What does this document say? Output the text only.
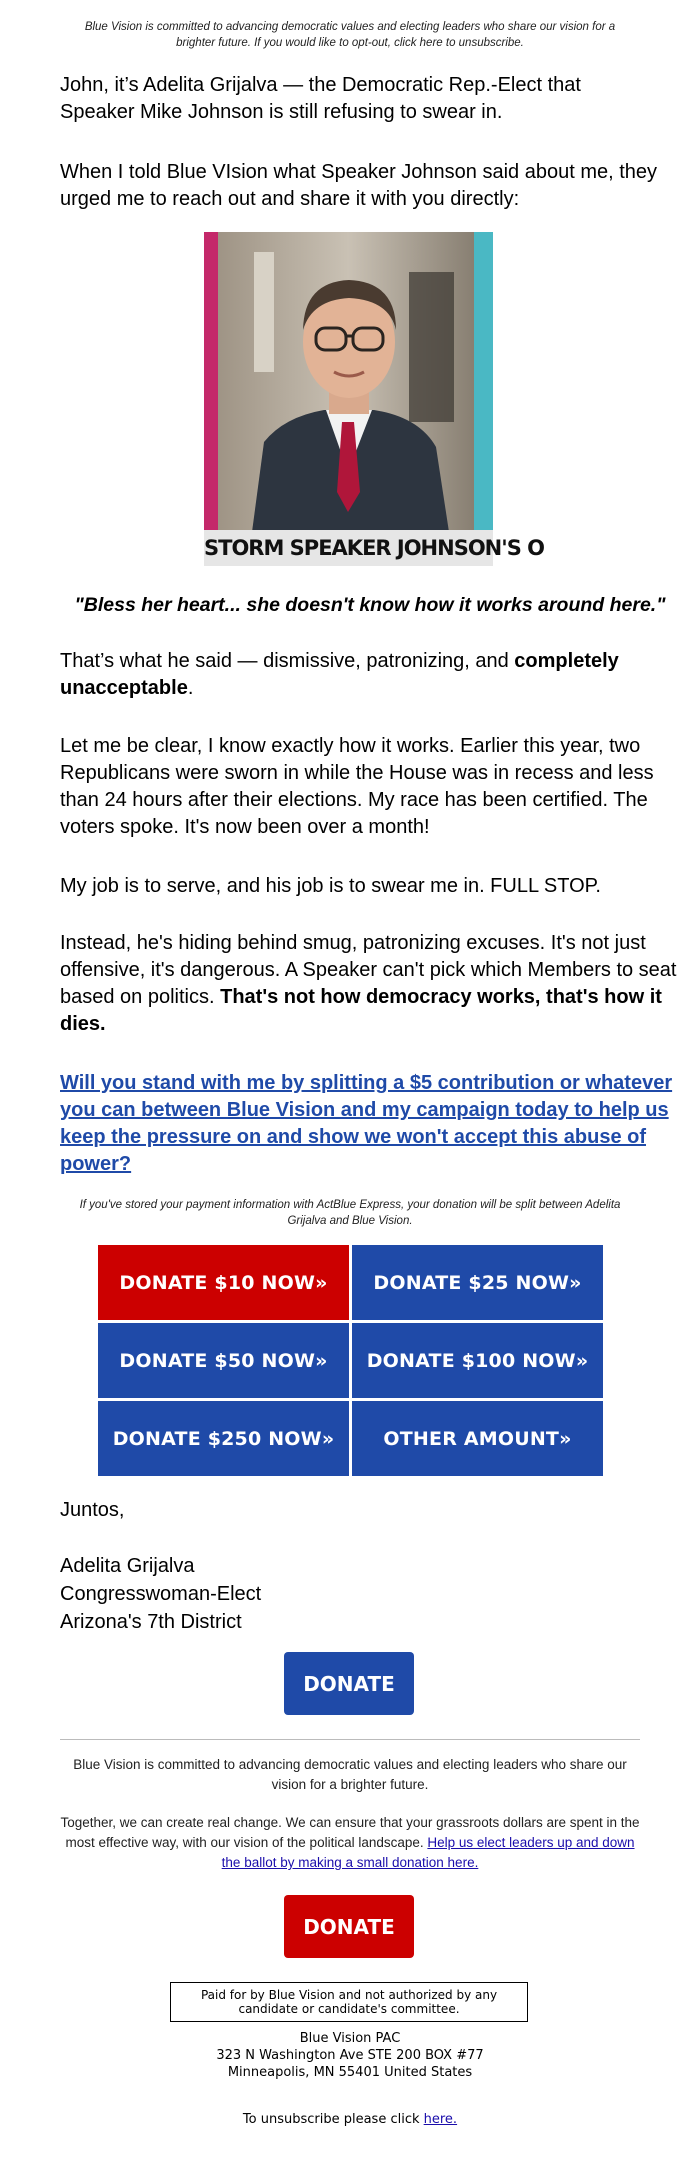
Blue Vision is committed to advancing democratic values and electing leaders who share our vision for a
brighter future. If you would like to opt-out, click here to unsubscribe.
John, it’s Adelita Grijalva — the Democratic Rep.-Elect that Speaker Mike Johnson is still refusing to swear in.
When I told Blue VIsion what Speaker Johnson said about me, they urged me to reach out and share it with you directly:
STORM SPEAKER JOHNSON'S O
"Bless her heart... she doesn't know how it works around here."
That’s what he said — dismissive, patronizing, and completely unacceptable.
Let me be clear, I know exactly how it works. Earlier this year, two Republicans were sworn in while the House was in recess and less than 24 hours after their elections. My race has been certified. The voters spoke. It's now been over a month!
My job is to serve, and his job is to swear me in. FULL STOP.
Instead, he's hiding behind smug, patronizing excuses. It's not just offensive, it's dangerous. A Speaker can't pick which Members to seat based on politics. That's not how democracy works, that's how it dies.
Will you stand with me by splitting a $5 contribution or whatever you can between Blue Vision and my campaign today to help us keep the pressure on and show we won't accept this abuse of power?
If you've stored your payment information with ActBlue Express, your donation will be split between Adelita Grijalva and Blue Vision.
DONATE $10 NOW»	DONATE $25 NOW»
DONATE $50 NOW»	DONATE $100 NOW»
DONATE $250 NOW»	OTHER AMOUNT»
Juntos,
Adelita Grijalva
Congresswoman-Elect
Arizona's 7th District
DONATE
Blue Vision is committed to advancing democratic values and electing leaders who share our vision for a brighter future.
Together, we can create real change. We can ensure that your grassroots dollars are spent in the most effective way, with our vision of the political landscape. Help us elect leaders up and down the ballot by making a small donation here.
DONATE
Paid for by Blue Vision and not authorized by any candidate or candidate's committee.
Blue Vision PAC
323 N Washington Ave STE 200 BOX #77
Minneapolis, MN 55401 United States
To unsubscribe please click here.
